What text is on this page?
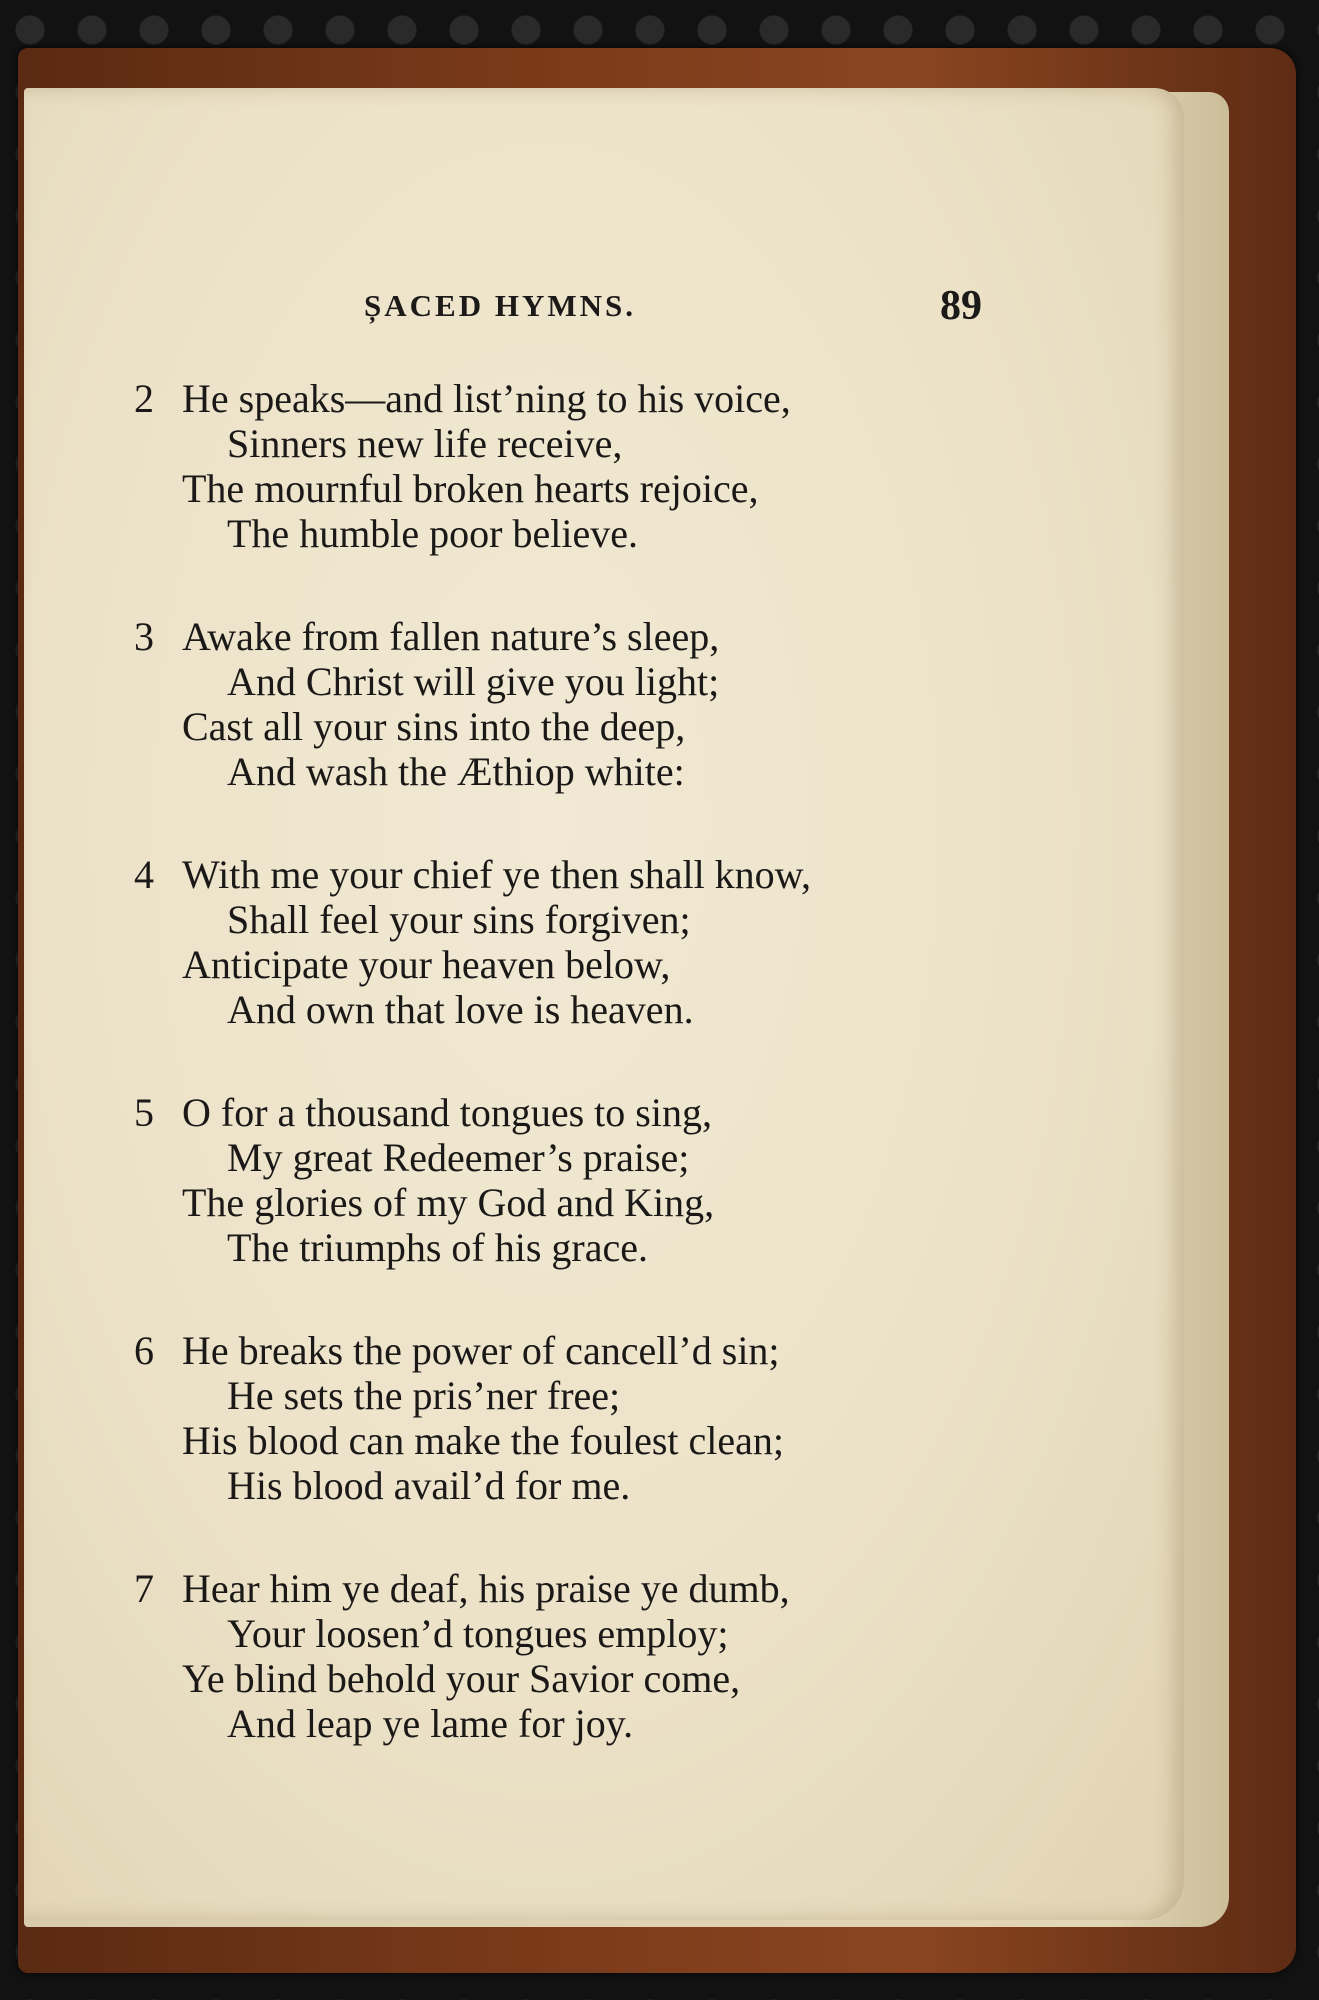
ȘACED HYMNS.	89
2 He speaks—and list’ning to his voice,
Sinners new life receive,
The mournful broken hearts rejoice,
The humble poor believe.
3 Awake from fallen nature’s sleep,
And Christ will give you light;
Cast all your sins into the deep,
And wash the Æthiop white:
4 With me your chief ye then shall know,
Shall feel your sins forgiven;
Anticipate your heaven below,
And own that love is heaven.
5 O for a thousand tongues to sing,
My great Redeemer’s praise;
The glories of my God and King,
The triumphs of his grace.
6 He breaks the power of cancell’d sin;
He sets the pris’ner free;
His blood can make the foulest clean;
His blood avail’d for me.
7 Hear him ye deaf, his praise ye dumb,
Your loosen’d tongues employ;
Ye blind behold your Savior come,
And leap ye lame for joy.
